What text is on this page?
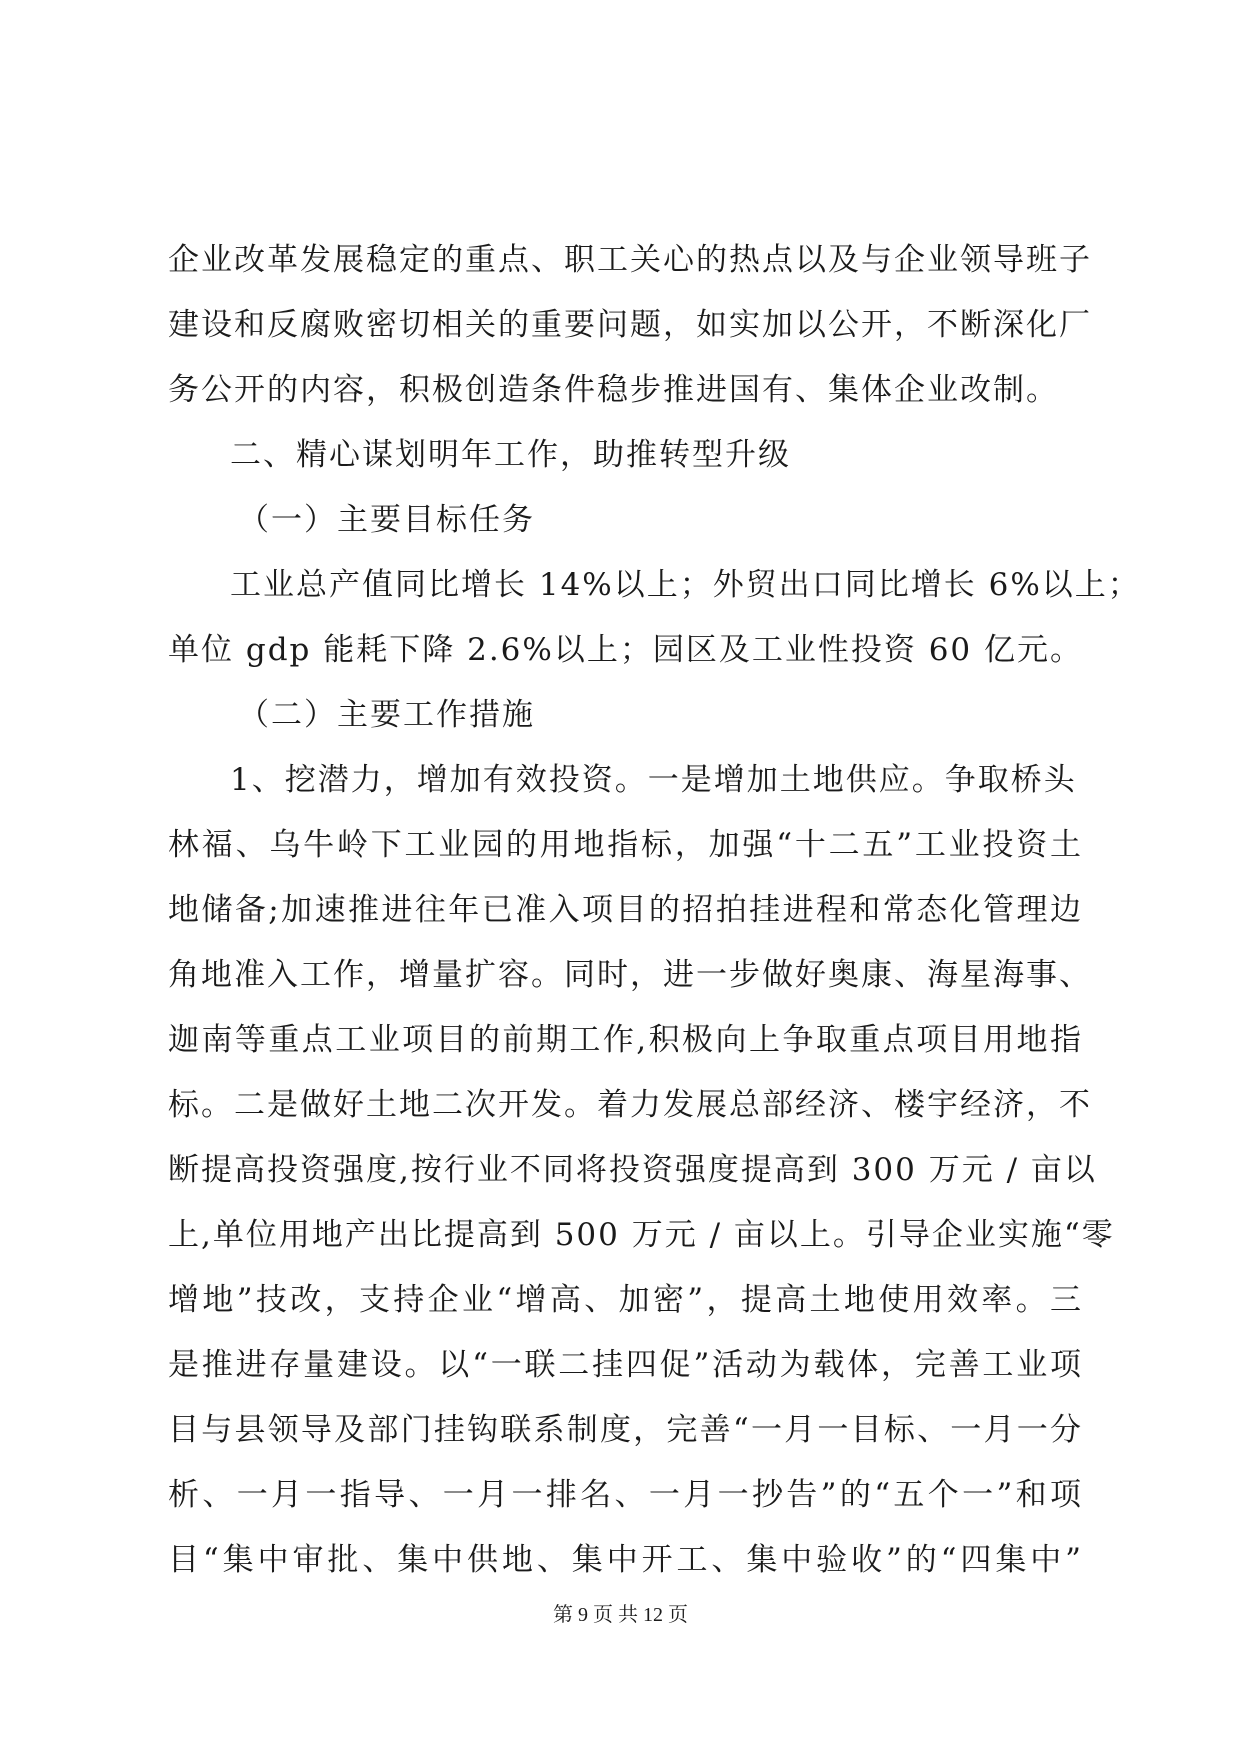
企业改革发展稳定的重点、职工关心的热点以及与企业领导班子
建设和反腐败密切相关的重要问题，如实加以公开，不断深化厂
务公开的内容，积极创造条件稳步推进国有、集体企业改制。
二、精心谋划明年工作，助推转型升级
（一）主要目标任务
工业总产值同比增长 14%以上；外贸出口同比增长 6%以上；
单位 gdp 能耗下降 2.6%以上；园区及工业性投资 60 亿元。
（二）主要工作措施
1、挖潜力，增加有效投资。一是增加土地供应。争取桥头
林福、乌牛岭下工业园的用地指标，加强“十二五”工业投资土
地储备;加速推进往年已准入项目的招拍挂进程和常态化管理边
角地准入工作，增量扩容。同时，进一步做好奥康、海星海事、
迦南等重点工业项目的前期工作,积极向上争取重点项目用地指
标。二是做好土地二次开发。着力发展总部经济、楼宇经济，不
断提高投资强度,按行业不同将投资强度提高到 300 万元 / 亩以
上,单位用地产出比提高到 500 万元 / 亩以上。引导企业实施“零
增地”技改，支持企业“增高、加密”，提高土地使用效率。三
是推进存量建设。以“一联二挂四促”活动为载体，完善工业项
目与县领导及部门挂钩联系制度，完善“一月一目标、一月一分
析、一月一指导、一月一排名、一月一抄告”的“五个一”和项
目“集中审批、集中供地、集中开工、集中验收”的“四集中”
第 9 页 共 12 页
